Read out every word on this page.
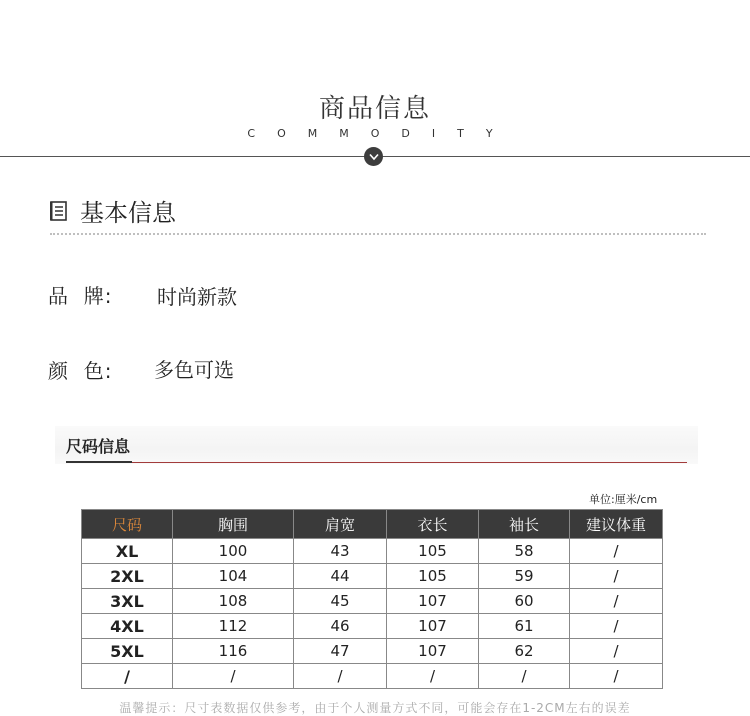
商品信息
COMMODITY
基本信息
品  牌: 时尚新款
颜  色: 多色可选
尺码信息
单位:厘米/cm
尺码	胸围	肩宽	衣长	袖长	建议体重
XL	100	43	105	58	/
2XL	104	44	105	59	/
3XL	108	45	107	60	/
4XL	112	46	107	61	/
5XL	116	47	107	62	/
/	/	/	/	/	/
温馨提示：尺寸表数据仅供参考，由于个人测量方式不同，可能会存在1-2CM左右的误差
